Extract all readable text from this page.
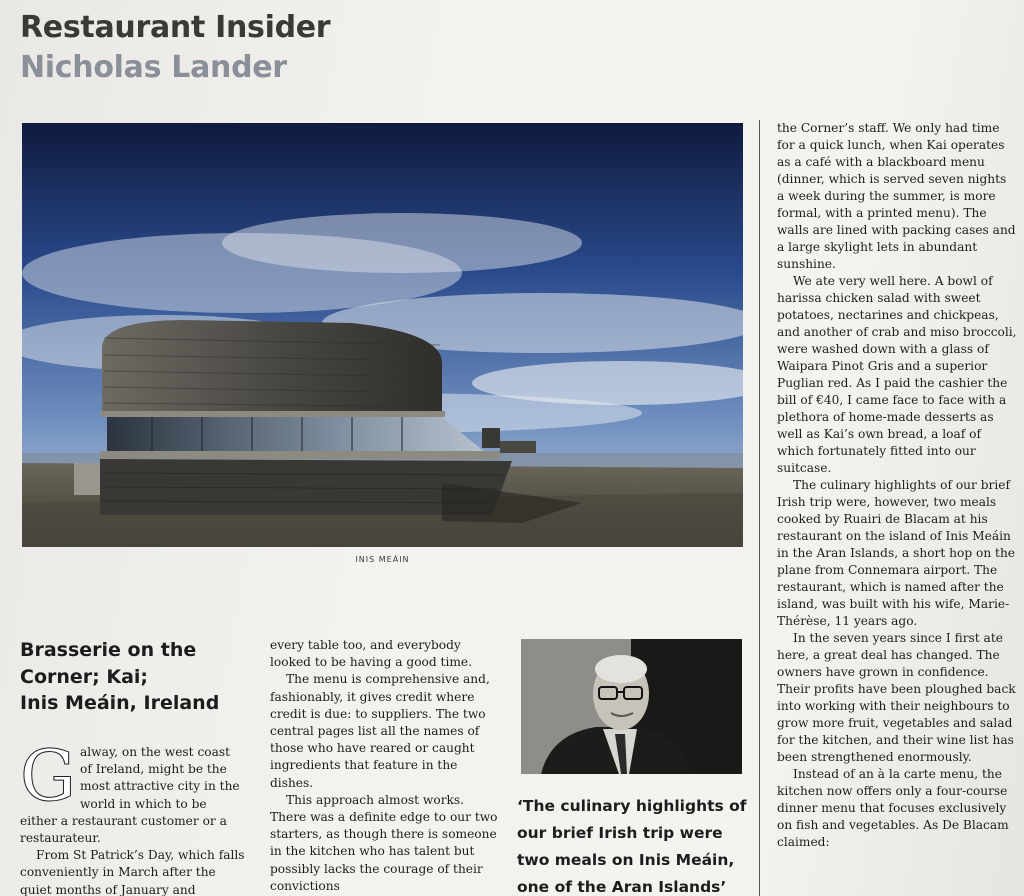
Restaurant Insider
Nicholas Lander
INIS MEÁIN

the Corner’s staff. We only had time for a quick lunch, when Kai operates as a café with a blackboard menu (dinner, which is served seven nights a week during the summer, is more formal, with a printed menu). The walls are lined with packing cases and a large skylight lets in abundant sunshine.

We ate very well here. A bowl of harissa chicken salad with sweet potatoes, nectarines and chickpeas, and another of crab and miso broccoli, were washed down with a glass of Waipara Pinot Gris and a superior Puglian red. As I paid the cashier the bill of €40, I came face to face with a plethora of home-made desserts as well as Kai’s own bread, a loaf of which fortunately fitted into our suitcase.

The culinary highlights of our brief Irish trip were, however, two meals cooked by Ruairi de Blacam at his restaurant on the island of Inis Meáin in the Aran Islands, a short hop on the plane from Connemara airport. The restaurant, which is named after the island, was built with his wife, Marie-Thérèse, 11 years ago.

In the seven years since I first ate here, a great deal has changed. The owners have grown in confidence. Their profits have been ploughed back into working with their neighbours to grow more fruit, vegetables and salad for the kitchen, and their wine list has been strengthened enormously.

Instead of an à la carte menu, the kitchen now offers only a four-course dinner menu that focuses exclusively on fish and vegetables. As De Blacam claimed:

Brasserie on the
Corner; Kai;
Inis Meáin, Ireland
G alway, on the west coast of Ireland, might be the most attractive city in the world in which to be either a restaurant customer or a restaurateur.

From St Patrick’s Day, which falls conveniently in March after the quiet months of January and

every table too, and everybody looked to be having a good time.

The menu is comprehensive and, fashionably, it gives credit where credit is due: to suppliers. The two central pages list all the names of those who have reared or caught ingredients that feature in the dishes.

This approach almost works. There was a definite edge to our two starters, as though there is someone in the kitchen who has talent but possibly lacks the courage of their convictions

‘The culinary highlights of our brief Irish trip were two meals on Inis Meáin, one of the Aran Islands’
